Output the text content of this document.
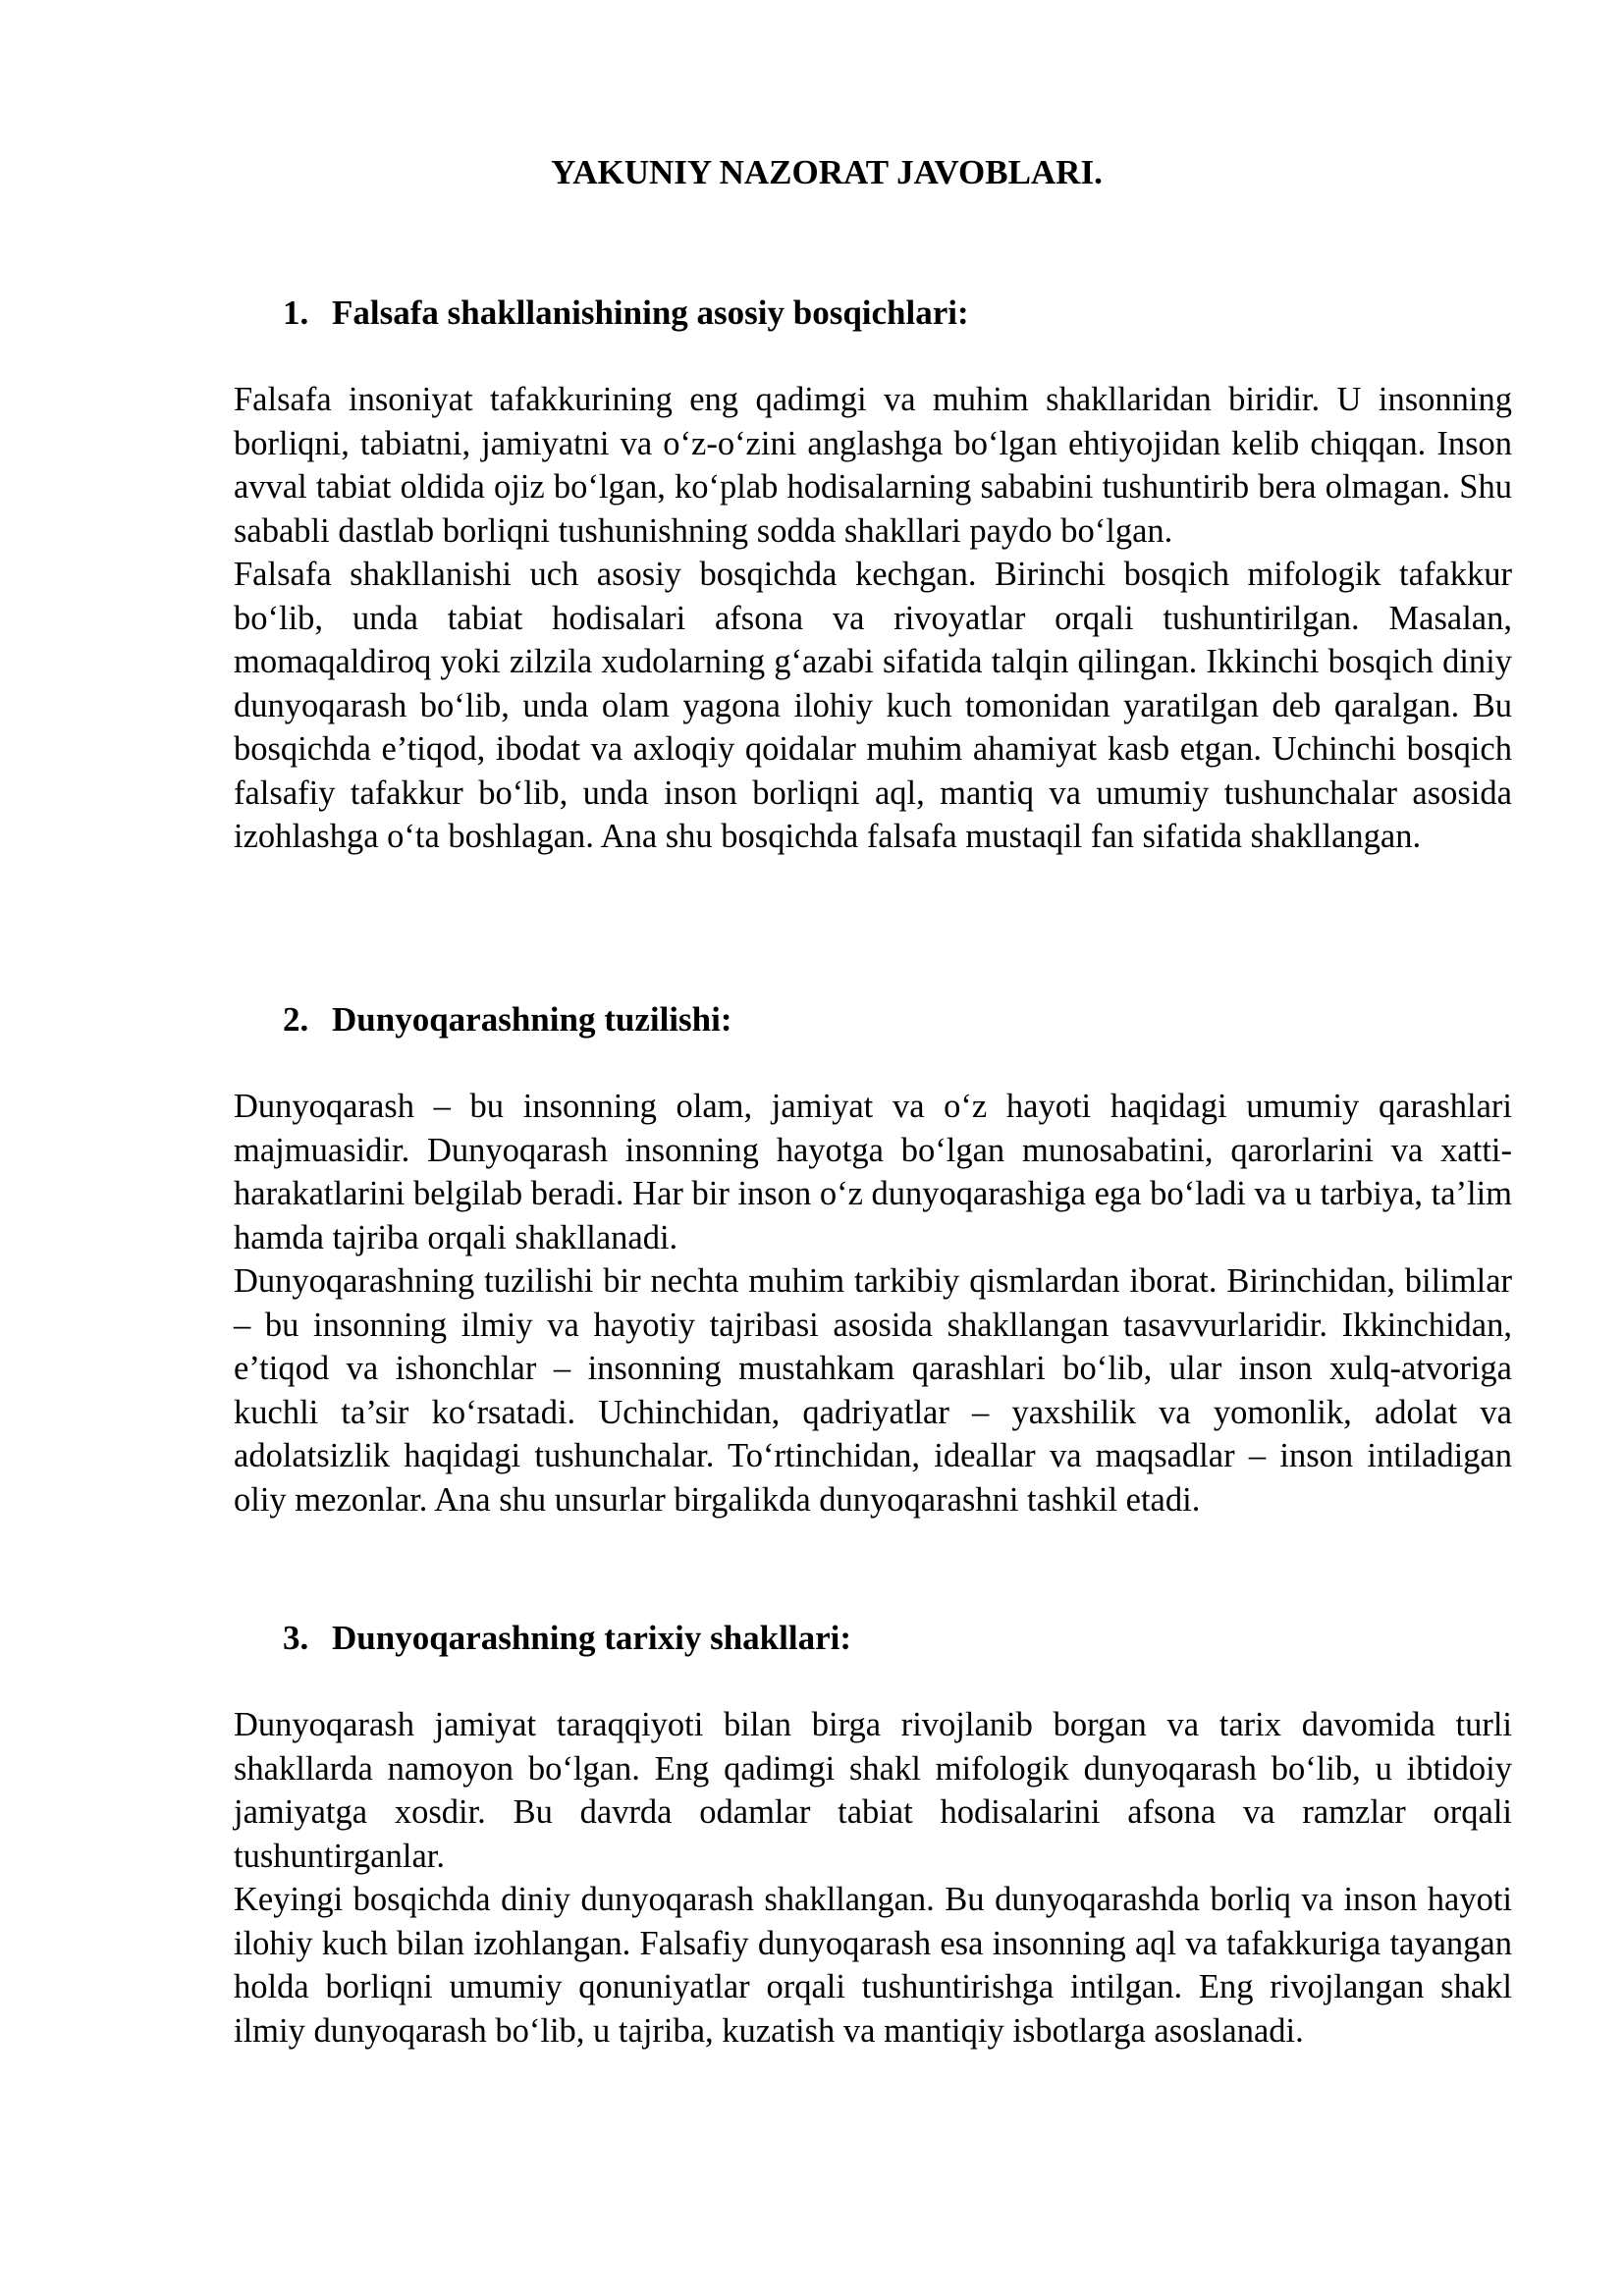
YAKUNIY NAZORAT JAVOBLARI.
1. Falsafa shakllanishining asosiy bosqichlari:

Falsafa insoniyat tafakkurining eng qadimgi va muhim shakllaridan biridir. U insonning borliqni, tabiatni, jamiyatni va o‘z-o‘zini anglashga bo‘lgan ehtiyojidan kelib chiqqan. Inson avval tabiat oldida ojiz bo‘lgan, ko‘plab hodisalarning sababini tushuntirib bera olmagan. Shu sababli dastlab borliqni tushunishning sodda shakllari paydo bo‘lgan.

Falsafa shakllanishi uch asosiy bosqichda kechgan. Birinchi bosqich mifologik tafakkur bo‘lib, unda tabiat hodisalari afsona va rivoyatlar orqali tushuntirilgan. Masalan, momaqaldiroq yoki zilzila xudolarning g‘azabi sifatida talqin qilingan. Ikkinchi bosqich diniy dunyoqarash bo‘lib, unda olam yagona ilohiy kuch tomonidan yaratilgan deb qaralgan. Bu bosqichda e’tiqod, ibodat va axloqiy qoidalar muhim ahamiyat kasb etgan. Uchinchi bosqich falsafiy tafakkur bo‘lib, unda inson borliqni aql, mantiq va umumiy tushunchalar asosida izohlashga o‘ta boshlagan. Ana shu bosqichda falsafa mustaqil fan sifatida shakllangan.

2. Dunyoqarashning tuzilishi:

Dunyoqarash – bu insonning olam, jamiyat va o‘z hayoti haqidagi umumiy qarashlari majmuasidir. Dunyoqarash insonning hayotga bo‘lgan munosabatini, qarorlarini va xatti-harakatlarini belgilab beradi. Har bir inson o‘z dunyoqarashiga ega bo‘ladi va u tarbiya, ta’lim hamda tajriba orqali shakllanadi.

Dunyoqarashning tuzilishi bir nechta muhim tarkibiy qismlardan iborat. Birinchidan, bilimlar – bu insonning ilmiy va hayotiy tajribasi asosida shakllangan tasavvurlaridir. Ikkinchidan, e’tiqod va ishonchlar – insonning mustahkam qarashlari bo‘lib, ular inson xulq-atvoriga kuchli ta’sir ko‘rsatadi. Uchinchidan, qadriyatlar – yaxshilik va yomonlik, adolat va adolatsizlik haqidagi tushunchalar. To‘rtinchidan, ideallar va maqsadlar – inson intiladigan oliy mezonlar. Ana shu unsurlar birgalikda dunyoqarashni tashkil etadi.

3. Dunyoqarashning tarixiy shakllari:

Dunyoqarash jamiyat taraqqiyoti bilan birga rivojlanib borgan va tarix davomida turli shakllarda namoyon bo‘lgan. Eng qadimgi shakl mifologik dunyoqarash bo‘lib, u ibtidoiy jamiyatga xosdir. Bu davrda odamlar tabiat hodisalarini afsona va ramzlar orqali tushuntirganlar.

Keyingi bosqichda diniy dunyoqarash shakllangan. Bu dunyoqarashda borliq va inson hayoti ilohiy kuch bilan izohlangan. Falsafiy dunyoqarash esa insonning aql va tafakkuriga tayangan holda borliqni umumiy qonuniyatlar orqali tushuntirishga intilgan. Eng rivojlangan shakl ilmiy dunyoqarash bo‘lib, u tajriba, kuzatish va mantiqiy isbotlarga asoslanadi.
